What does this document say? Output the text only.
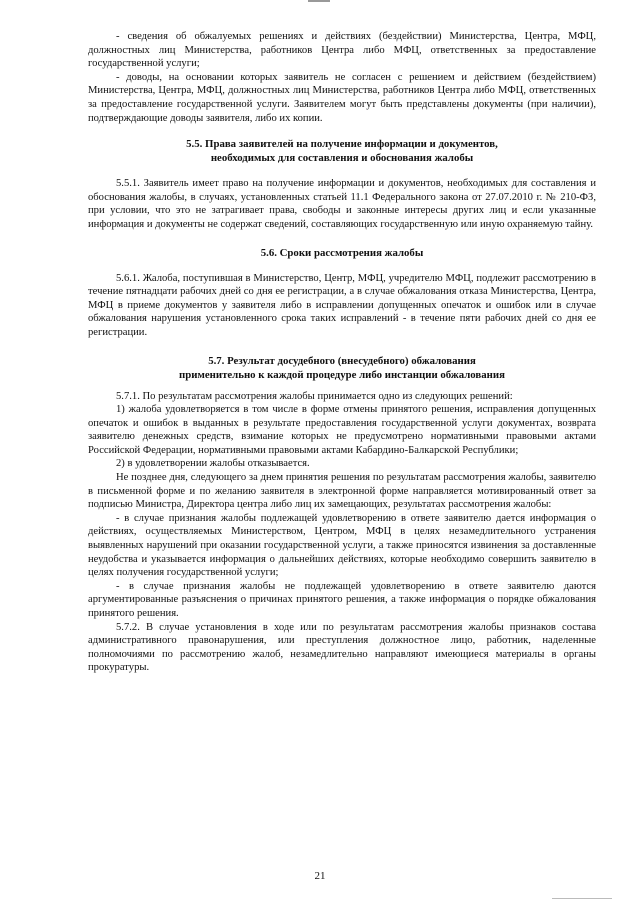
- сведения об обжалуемых решениях и действиях (бездействии) Министерства, Центра, МФЦ, должностных лиц Министерства, работников Центра либо МФЦ, ответственных за предоставление государственной услуги;

- доводы, на основании которых заявитель не согласен с решением и действием (бездействием) Министерства, Центра, МФЦ, должностных лиц Министерства, работников Центра либо МФЦ, ответственных за предоставление государственной услуги. Заявителем могут быть представлены документы (при наличии), подтверждающие доводы заявителя, либо их копии.

5.5. Права заявителей на получение информации и документов,
необходимых для составления и обоснования жалобы

5.5.1. Заявитель имеет право на получение информации и документов, необходимых для составления и обоснования жалобы, в случаях, установленных статьей 11.1 Федерального закона от 27.07.2010 г. № 210-ФЗ, при условии, что это не затрагивает права, свободы и законные интересы других лиц и если указанные информация и документы не содержат сведений, составляющих государственную или иную охраняемую тайну.

5.6. Сроки рассмотрения жалобы

5.6.1. Жалоба, поступившая в Министерство, Центр, МФЦ, учредителю МФЦ, подлежит рассмотрению в течение пятнадцати рабочих дней со дня ее регистрации, а в случае обжалования отказа Министерства, Центра, МФЦ в приеме документов у заявителя либо в исправлении допущенных опечаток и ошибок или в случае обжалования нарушения установленного срока таких исправлений - в течение пяти рабочих дней со дня ее регистрации.

5.7. Результат досудебного (внесудебного) обжалования
применительно к каждой процедуре либо инстанции обжалования

5.7.1. По результатам рассмотрения жалобы принимается одно из следующих решений:

1) жалоба удовлетворяется в том числе в форме отмены принятого решения, исправления допущенных опечаток и ошибок в выданных в результате предоставления государственной услуги документах, возврата заявителю денежных средств, взимание которых не предусмотрено нормативными правовыми актами Российской Федерации, нормативными правовыми актами Кабардино-Балкарской Республики;

2) в удовлетворении жалобы отказывается.

Не позднее дня, следующего за днем принятия решения по результатам рассмотрения жалобы, заявителю в письменной форме и по желанию заявителя в электронной форме направляется мотивированный ответ за подписью Министра, Директора центра либо лиц их замещающих, результатах рассмотрения жалобы:

- в случае признания жалобы подлежащей удовлетворению в ответе заявителю дается информация о действиях, осуществляемых Министерством, Центром, МФЦ в целях незамедлительного устранения выявленных нарушений при оказании государственной услуги, а также приносятся извинения за доставленные неудобства и указывается информация о дальнейших действиях, которые необходимо совершить заявителю в целях получения государственной услуги;

- в случае признания жалобы не подлежащей удовлетворению в ответе заявителю даются аргументированные разъяснения о причинах принятого решения, а также информация о порядке обжалования принятого решения.

5.7.2. В случае установления в ходе или по результатам рассмотрения жалобы признаков состава административного правонарушения, или преступления должностное лицо, работник, наделенные полномочиями по рассмотрению жалоб, незамедлительно направляют имеющиеся материалы в органы прокуратуры.

21
